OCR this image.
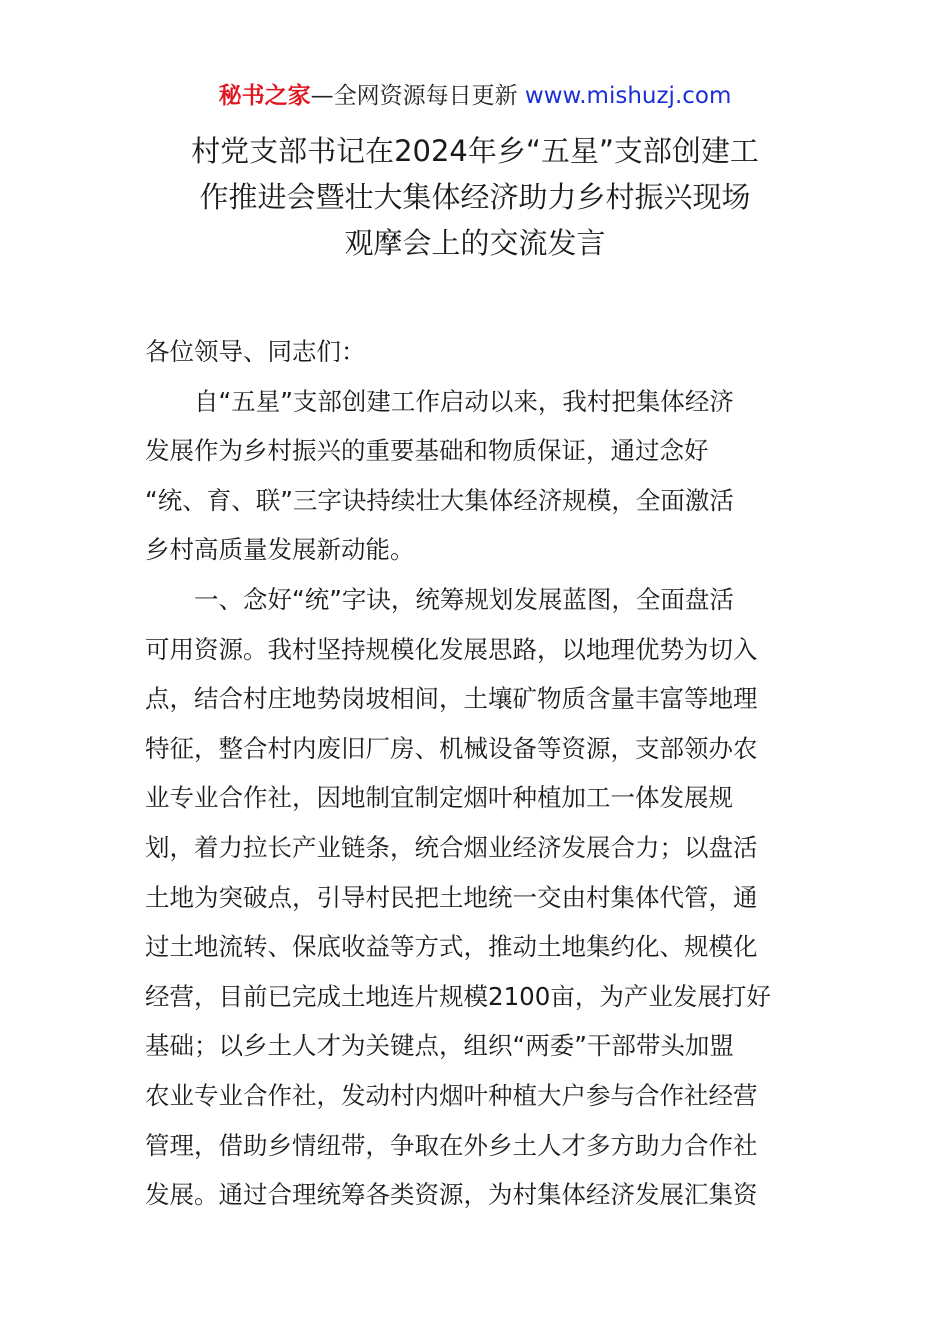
秘书之家—全网资源每日更新 www.mishuzj.com
村党支部书记在2024年乡“五星”支部创建工
作推进会暨壮大集体经济助力乡村振兴现场
观摩会上的交流发言
各位领导、同志们：
自“五星”支部创建工作启动以来，我村把集体经济
发展作为乡村振兴的重要基础和物质保证，通过念好
“统、育、联”三字诀持续壮大集体经济规模，全面激活
乡村高质量发展新动能。
一、念好“统”字诀，统筹规划发展蓝图，全面盘活
可用资源。我村坚持规模化发展思路，以地理优势为切入
点，结合村庄地势岗坡相间，土壤矿物质含量丰富等地理
特征，整合村内废旧厂房、机械设备等资源，支部领办农
业专业合作社，因地制宜制定烟叶种植加工一体发展规
划，着力拉长产业链条，统合烟业经济发展合力；以盘活
土地为突破点，引导村民把土地统一交由村集体代管，通
过土地流转、保底收益等方式，推动土地集约化、规模化
经营，目前已完成土地连片规模2100亩，为产业发展打好
基础；以乡土人才为关键点，组织“两委”干部带头加盟
农业专业合作社，发动村内烟叶种植大户参与合作社经营
管理，借助乡情纽带，争取在外乡土人才多方助力合作社
发展。通过合理统筹各类资源，为村集体经济发展汇集资
